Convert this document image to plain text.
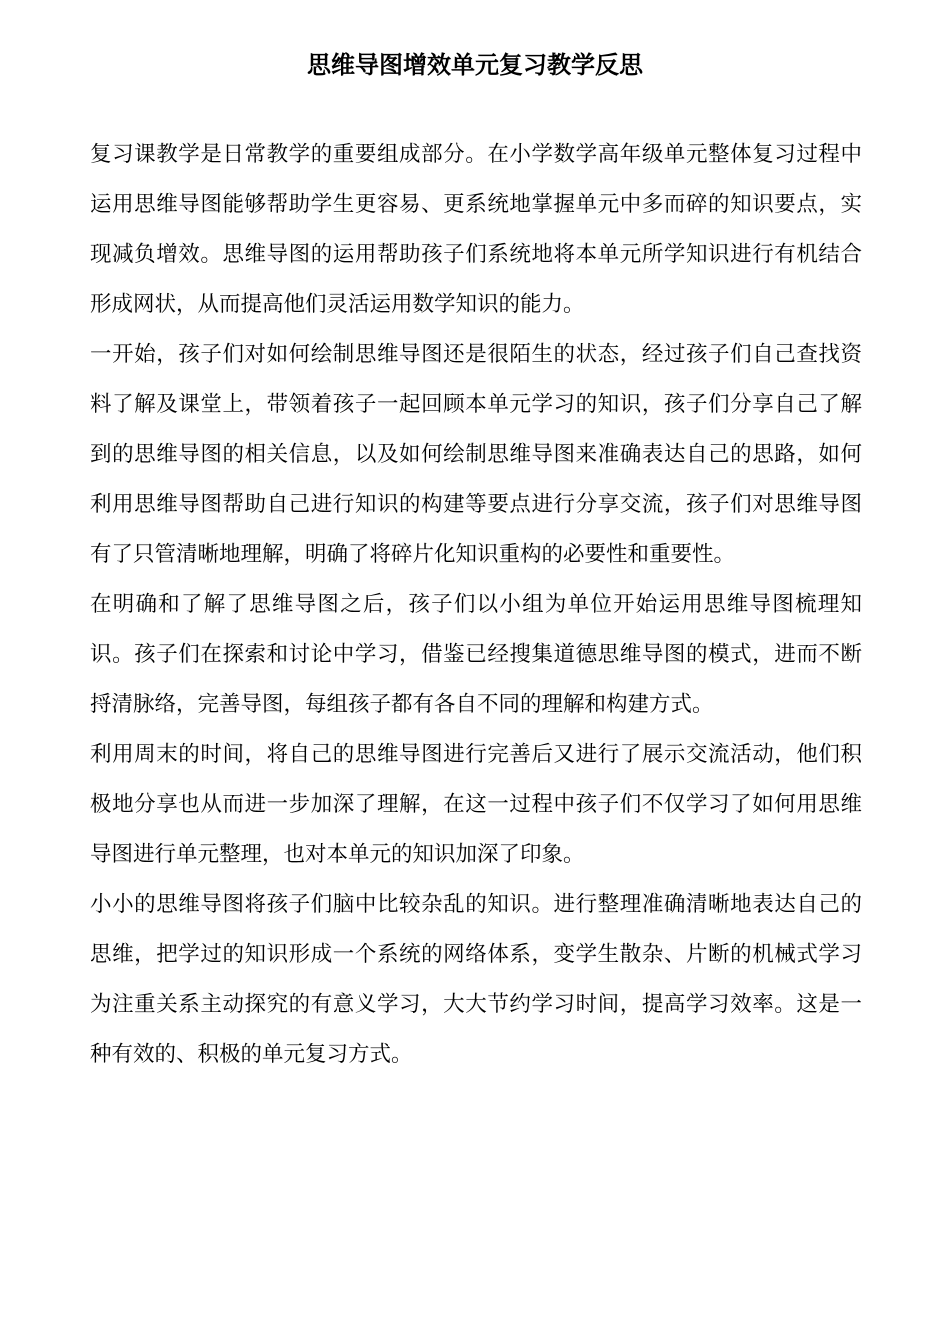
思维导图增效单元复习教学反思

复习课教学是日常教学的重要组成部分。在小学数学高年级单元整体复习过程中运用思维导图能够帮助学生更容易、更系统地掌握单元中多而碎的知识要点，实现减负增效。思维导图的运用帮助孩子们系统地将本单元所学知识进行有机结合形成网状，从而提高他们灵活运用数学知识的能力。

一开始，孩子们对如何绘制思维导图还是很陌生的状态，经过孩子们自己查找资料了解及课堂上，带领着孩子一起回顾本单元学习的知识，孩子们分享自己了解到的思维导图的相关信息，以及如何绘制思维导图来准确表达自己的思路，如何利用思维导图帮助自己进行知识的构建等要点进行分享交流，孩子们对思维导图有了只管清晰地理解，明确了将碎片化知识重构的必要性和重要性。

在明确和了解了思维导图之后，孩子们以小组为单位开始运用思维导图梳理知识。孩子们在探索和讨论中学习，借鉴已经搜集道德思维导图的模式，进而不断捋清脉络，完善导图，每组孩子都有各自不同的理解和构建方式。

利用周末的时间，将自己的思维导图进行完善后又进行了展示交流活动，他们积极地分享也从而进一步加深了理解，在这一过程中孩子们不仅学习了如何用思维导图进行单元整理，也对本单元的知识加深了印象。

小小的思维导图将孩子们脑中比较杂乱的知识。进行整理准确清晰地表达自己的思维，把学过的知识形成一个系统的网络体系，变学生散杂、片断的机械式学习为注重关系主动探究的有意义学习，大大节约学习时间，提高学习效率。这是一种有效的、积极的单元复习方式。
